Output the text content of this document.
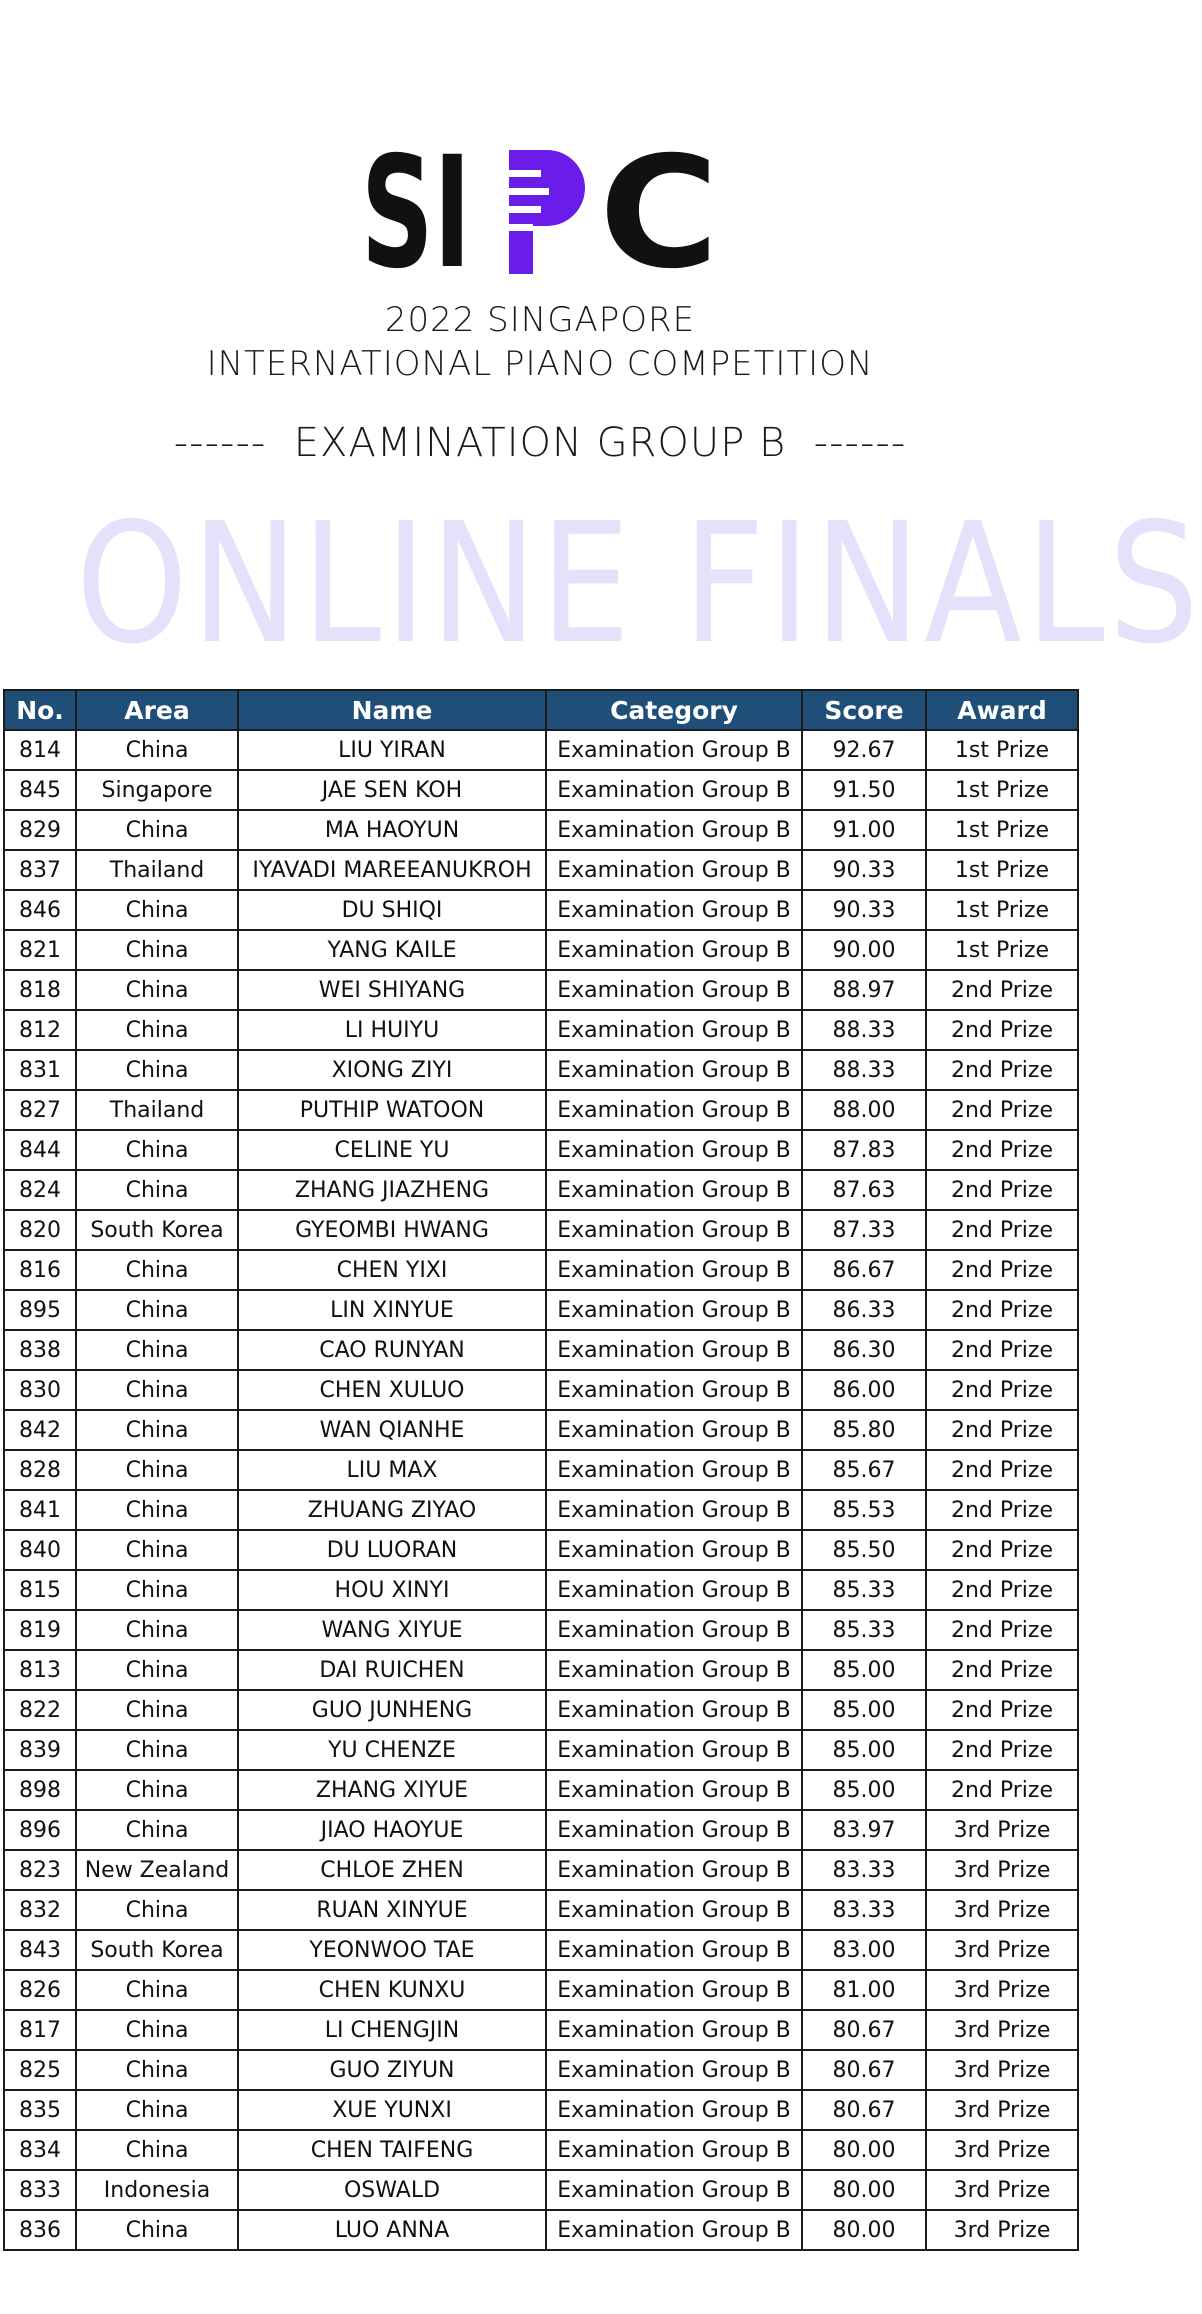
SI C
2022 SINGAPORE
INTERNATIONAL PIANO COMPETITION
------  EXAMINATION GROUP B  ------
ONLINE FINALS
No.	Area	Name	Category	Score	Award
814	China	LIU YIRAN	Examination Group B	92.67	1st Prize
845	Singapore	JAE SEN KOH	Examination Group B	91.50	1st Prize
829	China	MA HAOYUN	Examination Group B	91.00	1st Prize
837	Thailand	IYAVADI MAREEANUKROH	Examination Group B	90.33	1st Prize
846	China	DU SHIQI	Examination Group B	90.33	1st Prize
821	China	YANG KAILE	Examination Group B	90.00	1st Prize
818	China	WEI SHIYANG	Examination Group B	88.97	2nd Prize
812	China	LI HUIYU	Examination Group B	88.33	2nd Prize
831	China	XIONG ZIYI	Examination Group B	88.33	2nd Prize
827	Thailand	PUTHIP WATOON	Examination Group B	88.00	2nd Prize
844	China	CELINE YU	Examination Group B	87.83	2nd Prize
824	China	ZHANG JIAZHENG	Examination Group B	87.63	2nd Prize
820	South Korea	GYEOMBI HWANG	Examination Group B	87.33	2nd Prize
816	China	CHEN YIXI	Examination Group B	86.67	2nd Prize
895	China	LIN XINYUE	Examination Group B	86.33	2nd Prize
838	China	CAO RUNYAN	Examination Group B	86.30	2nd Prize
830	China	CHEN XULUO	Examination Group B	86.00	2nd Prize
842	China	WAN QIANHE	Examination Group B	85.80	2nd Prize
828	China	LIU MAX	Examination Group B	85.67	2nd Prize
841	China	ZHUANG ZIYAO	Examination Group B	85.53	2nd Prize
840	China	DU LUORAN	Examination Group B	85.50	2nd Prize
815	China	HOU XINYI	Examination Group B	85.33	2nd Prize
819	China	WANG XIYUE	Examination Group B	85.33	2nd Prize
813	China	DAI RUICHEN	Examination Group B	85.00	2nd Prize
822	China	GUO JUNHENG	Examination Group B	85.00	2nd Prize
839	China	YU CHENZE	Examination Group B	85.00	2nd Prize
898	China	ZHANG XIYUE	Examination Group B	85.00	2nd Prize
896	China	JIAO HAOYUE	Examination Group B	83.97	3rd Prize
823	New Zealand	CHLOE ZHEN	Examination Group B	83.33	3rd Prize
832	China	RUAN XINYUE	Examination Group B	83.33	3rd Prize
843	South Korea	YEONWOO TAE	Examination Group B	83.00	3rd Prize
826	China	CHEN KUNXU	Examination Group B	81.00	3rd Prize
817	China	LI CHENGJIN	Examination Group B	80.67	3rd Prize
825	China	GUO ZIYUN	Examination Group B	80.67	3rd Prize
835	China	XUE YUNXI	Examination Group B	80.67	3rd Prize
834	China	CHEN TAIFENG	Examination Group B	80.00	3rd Prize
833	Indonesia	OSWALD	Examination Group B	80.00	3rd Prize
836	China	LUO ANNA	Examination Group B	80.00	3rd Prize
